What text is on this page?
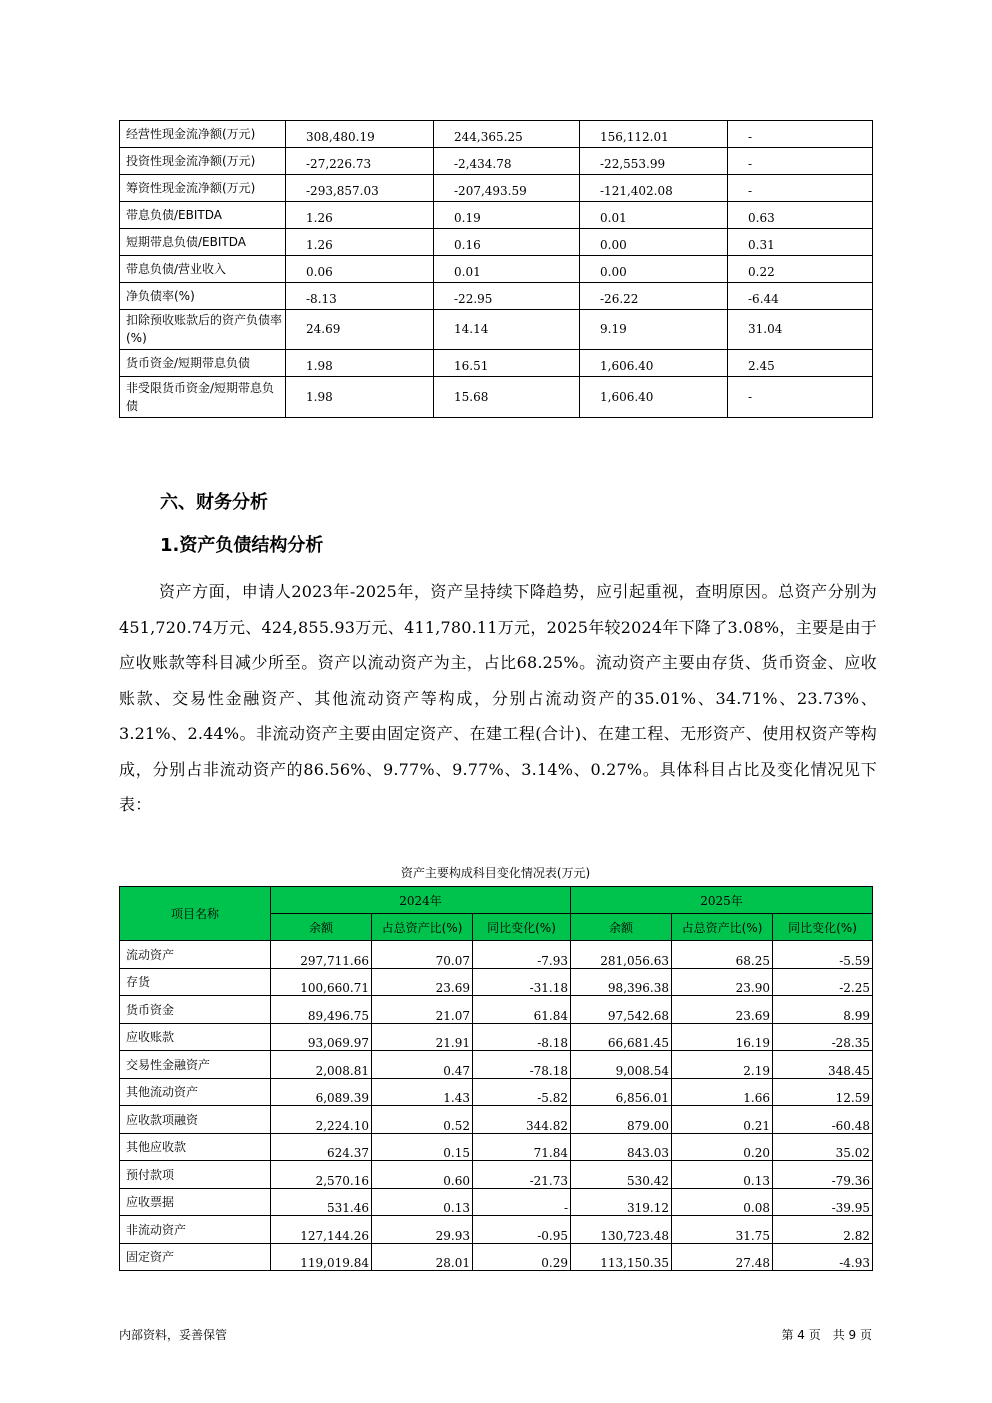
经营性现金流净额(万元)	308,480.19	244,365.25	156,112.01	-
投资性现金流净额(万元)	-27,226.73	-2,434.78	-22,553.99	-
筹资性现金流净额(万元)	-293,857.03	-207,493.59	-121,402.08	-
带息负债/EBITDA	1.26	0.19	0.01	0.63
短期带息负债/EBITDA	1.26	0.16	0.00	0.31
带息负债/营业收入	0.06	0.01	0.00	0.22
净负债率(%)	-8.13	-22.95	-26.22	-6.44
扣除预收账款后的资产负债率(%)	24.69	14.14	9.19	31.04
货币资金/短期带息负债	1.98	16.51	1,606.40	2.45
非受限货币资金/短期带息负债	1.98	15.68	1,606.40	-
六、财务分析
1.资产负债结构分析

资产方面，申请人2023年-2025年，资产呈持续下降趋势，应引起重视，查明原因。总资产分别为451,720.74万元、424,855.93万元、411,780.11万元，2025年较2024年下降了3.08%，主要是由于应收账款等科目减少所至。资产以流动资产为主，占比68.25%。流动资产主要由存货、货币资金、应收账款、交易性金融资产、其他流动资产等构成，分别占流动资产的35.01%、34.71%、23.73%、3.21%、2.44%。非流动资产主要由固定资产、在建工程(合计)、在建工程、无形资产、使用权资产等构成，分别占非流动资产的86.56%、9.77%、9.77%、3.14%、0.27%。具体科目占比及变化情况见下表：

资产主要构成科目变化情况表(万元)

项目名称	2024年			2025年		
	余额	占总资产比(%)	同比变化(%)	余额	占总资产比(%)	同比变化(%)
流动资产	297,711.66	70.07	-7.93	281,056.63	68.25	-5.59
存货	100,660.71	23.69	-31.18	98,396.38	23.90	-2.25
货币资金	89,496.75	21.07	61.84	97,542.68	23.69	8.99
应收账款	93,069.97	21.91	-8.18	66,681.45	16.19	-28.35
交易性金融资产	2,008.81	0.47	-78.18	9,008.54	2.19	348.45
其他流动资产	6,089.39	1.43	-5.82	6,856.01	1.66	12.59
应收款项融资	2,224.10	0.52	344.82	879.00	0.21	-60.48
其他应收款	624.37	0.15	71.84	843.03	0.20	35.02
预付款项	2,570.16	0.60	-21.73	530.42	0.13	-79.36
应收票据	531.46	0.13	-	319.12	0.08	-39.95
非流动资产	127,144.26	29.93	-0.95	130,723.48	31.75	2.82
固定资产	119,019.84	28.01	0.29	113,150.35	27.48	-4.93

内部资料，妥善保管	第 4 页　共 9 页
